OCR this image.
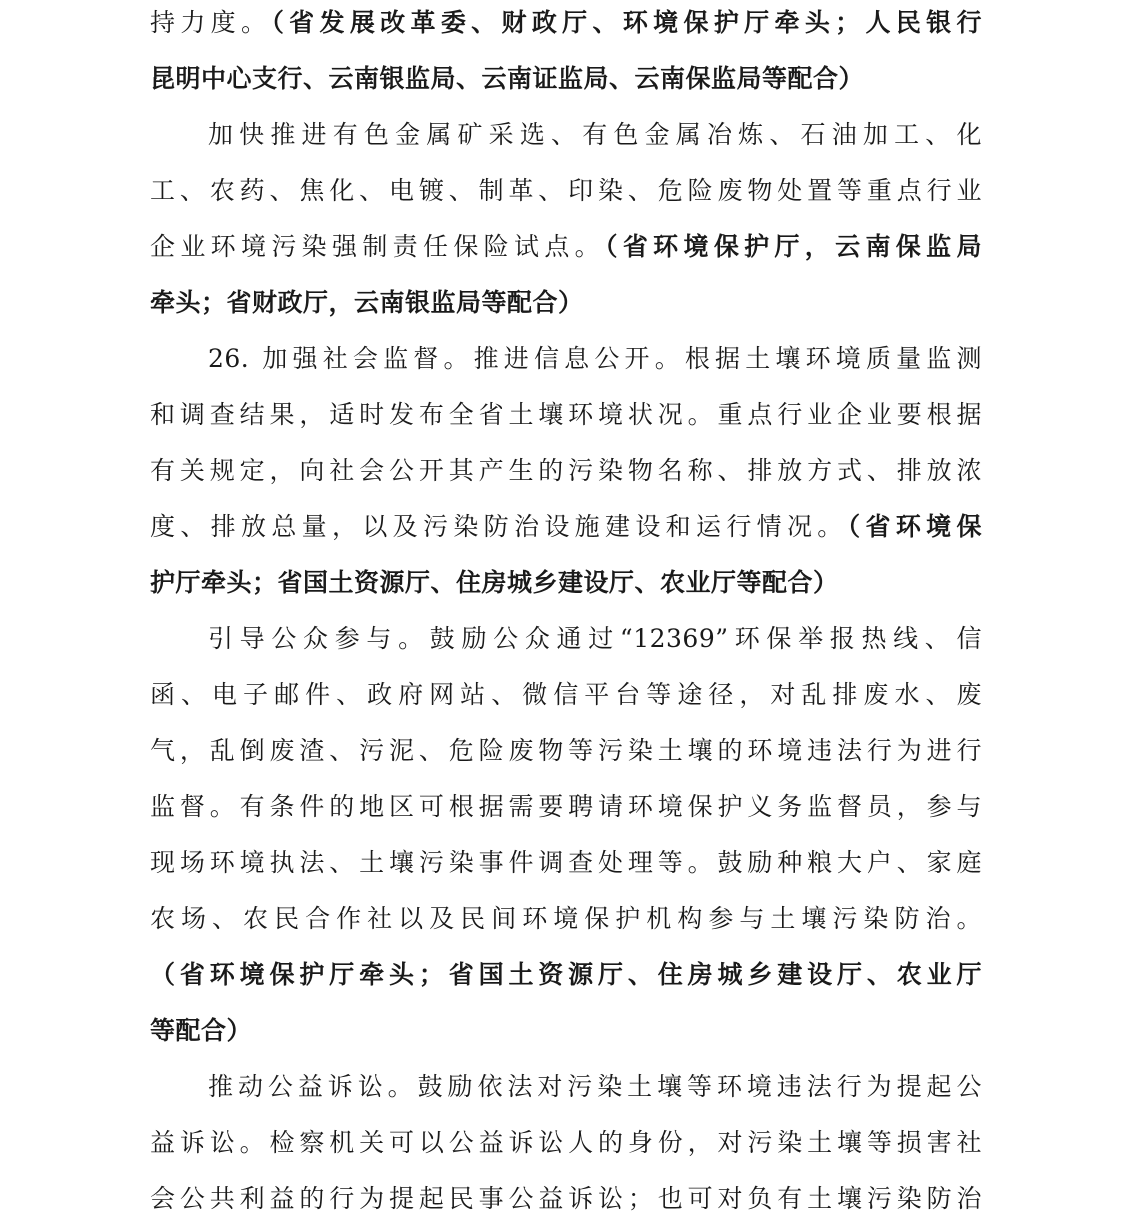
持力度。（省发展改革委、财政厅、环境保护厅牵头；人民银行
昆明中心支行、云南银监局、云南证监局、云南保监局等配合）
加快推进有色金属矿采选、有色金属冶炼、石油加工、化
工、农药、焦化、电镀、制革、印染、危险废物处置等重点行业
企业环境污染强制责任保险试点。（省环境保护厅，云南保监局
牵头；省财政厅，云南银监局等配合）
26. 加强社会监督。推进信息公开。根据土壤环境质量监测
和调查结果，适时发布全省土壤环境状况。重点行业企业要根据
有关规定，向社会公开其产生的污染物名称、排放方式、排放浓
度、排放总量，以及污染防治设施建设和运行情况。（省环境保
护厅牵头；省国土资源厅、住房城乡建设厅、农业厅等配合）
引导公众参与。鼓励公众通过“12369”环保举报热线、信
函、电子邮件、政府网站、微信平台等途径，对乱排废水、废
气，乱倒废渣、污泥、危险废物等污染土壤的环境违法行为进行
监督。有条件的地区可根据需要聘请环境保护义务监督员，参与
现场环境执法、土壤污染事件调查处理等。鼓励种粮大户、家庭
农场、农民合作社以及民间环境保护机构参与土壤污染防治。
（省环境保护厅牵头；省国土资源厅、住房城乡建设厅、农业厅
等配合）
推动公益诉讼。鼓励依法对污染土壤等环境违法行为提起公
益诉讼。检察机关可以公益诉讼人的身份，对污染土壤等损害社
会公共利益的行为提起民事公益诉讼；也可对负有土壤污染防治
